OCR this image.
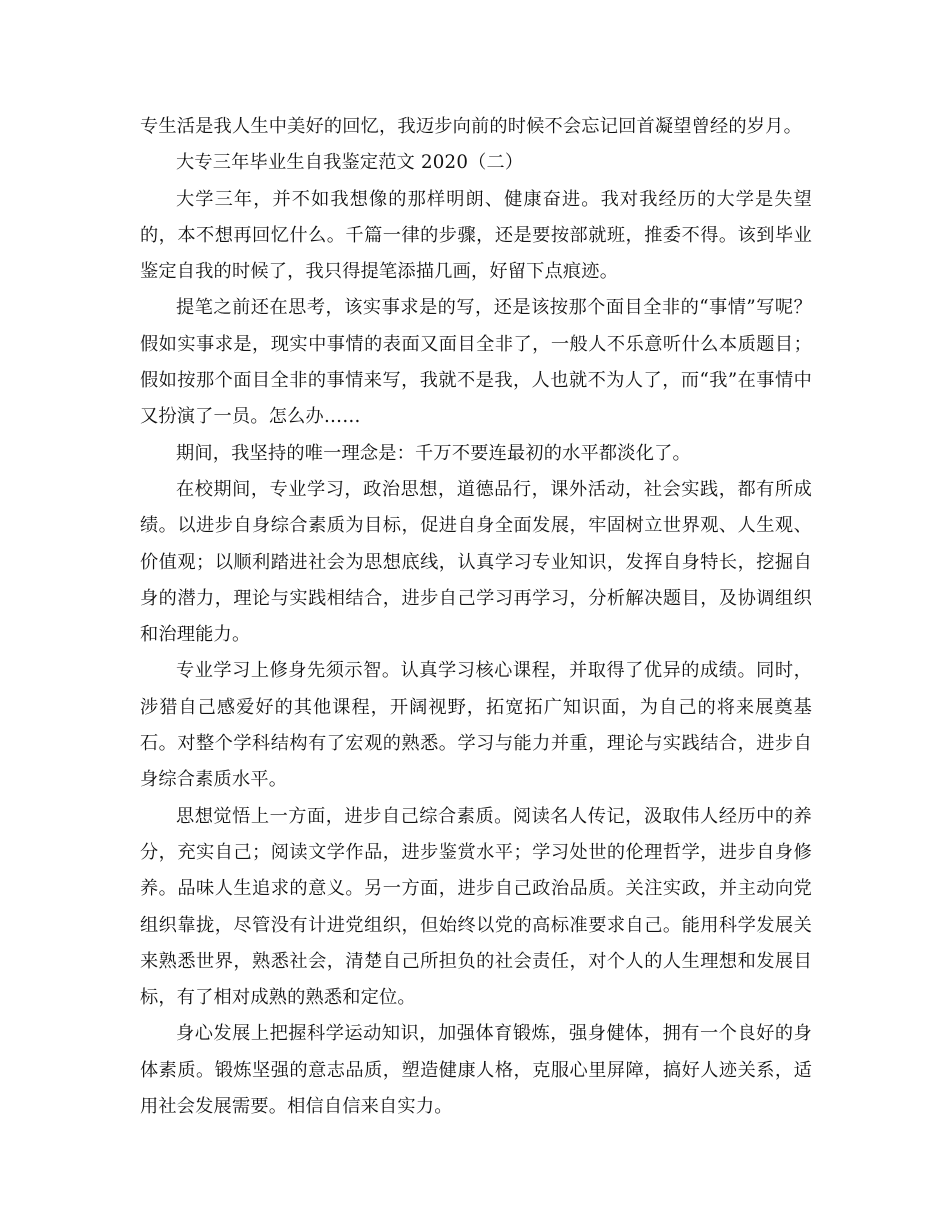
专生活是我人生中美好的回忆，我迈步向前的时候不会忘记回首凝望曾经的岁月。

大专三年毕业生自我鉴定范文 2020（二）

大学三年，并不如我想像的那样明朗、健康奋进。我对我经历的大学是失望的，本不想再回忆什么。千篇一律的步骤，还是要按部就班，推委不得。该到毕业鉴定自我的时候了，我只得提笔添描几画，好留下点痕迹。

提笔之前还在思考，该实事求是的写，还是该按那个面目全非的“事情”写呢？假如实事求是，现实中事情的表面又面目全非了，一般人不乐意听什么本质题目；假如按那个面目全非的事情来写，我就不是我，人也就不为人了，而“我”在事情中又扮演了一员。怎么办……

期间，我坚持的唯一理念是：千万不要连最初的水平都淡化了。

在校期间，专业学习，政治思想，道德品行，课外活动，社会实践，都有所成绩。以进步自身综合素质为目标，促进自身全面发展，牢固树立世界观、人生观、价值观；以顺利踏进社会为思想底线，认真学习专业知识，发挥自身特长，挖掘自身的潜力，理论与实践相结合，进步自己学习再学习，分析解决题目，及协调组织和治理能力。

专业学习上修身先须示智。认真学习核心课程，并取得了优异的成绩。同时，涉猎自己感爱好的其他课程，开阔视野，拓宽拓广知识面，为自己的将来展奠基石。对整个学科结构有了宏观的熟悉。学习与能力并重，理论与实践结合，进步自身综合素质水平。

思想觉悟上一方面，进步自己综合素质。阅读名人传记，汲取伟人经历中的养分，充实自己；阅读文学作品，进步鉴赏水平；学习处世的伦理哲学，进步自身修养。品味人生追求的意义。另一方面，进步自己政治品质。关注实政，并主动向党组织靠拢，尽管没有计进党组织，但始终以党的高标准要求自己。能用科学发展关来熟悉世界，熟悉社会，清楚自己所担负的社会责任，对个人的人生理想和发展目标，有了相对成熟的熟悉和定位。

身心发展上把握科学运动知识，加强体育锻炼，强身健体，拥有一个良好的身体素质。锻炼坚强的意志品质，塑造健康人格，克服心里屏障，搞好人迹关系，适用社会发展需要。相信自信来自实力。
